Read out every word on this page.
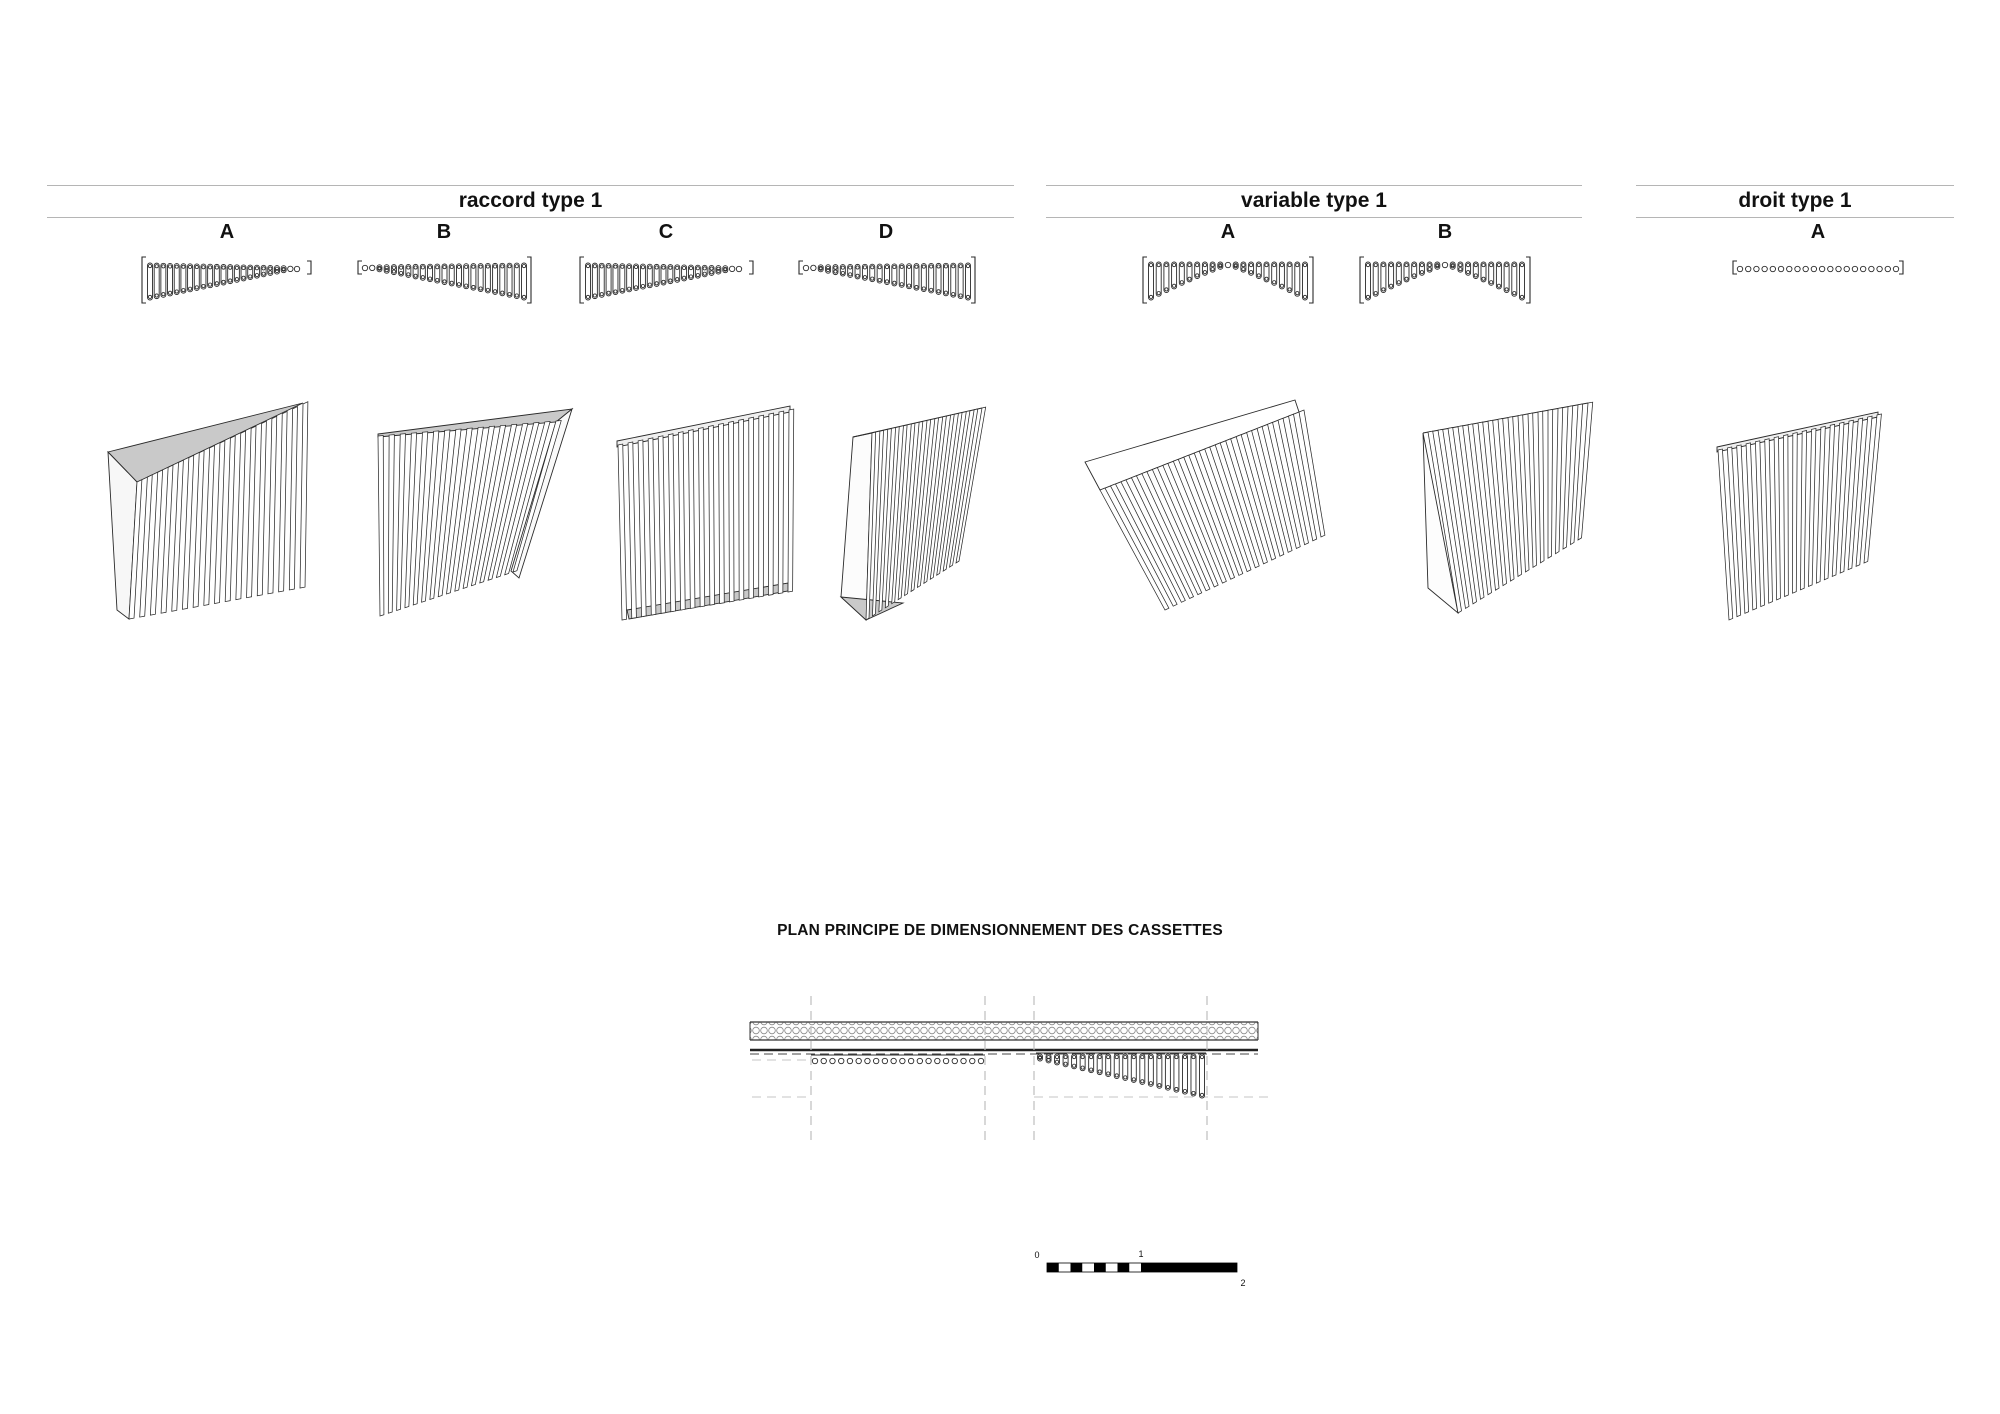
0	1
2
PLAN PRINCIPE DE DIMENSIONNEMENT DES CASSETTES
raccord type 1
A	B	C	D
variable type 1
A	B
droit type 1
A
